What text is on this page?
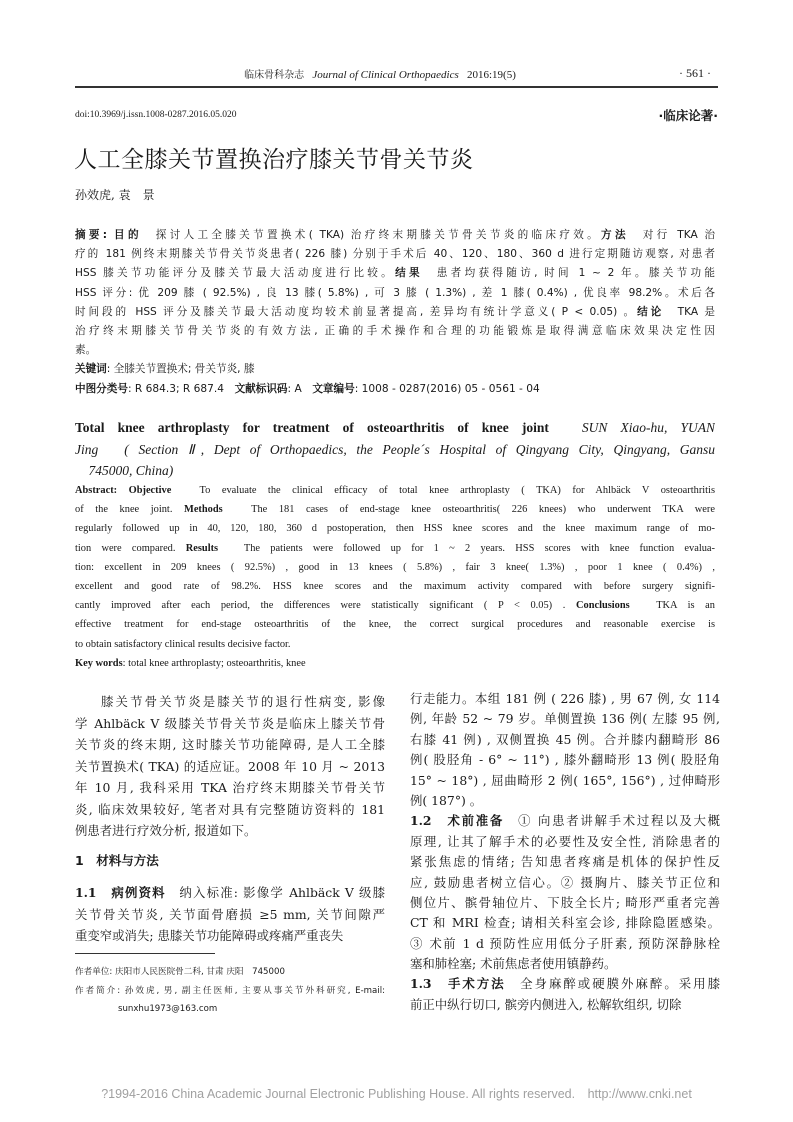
临床骨科杂志 Journal of Clinical Orthopaedics 2016:19(5)	· 561 ·
doi:10.3969/j.issn.1008-0287.2016.05.020	·临床论著·
人工全膝关节置换治疗膝关节骨关节炎
孙效虎, 袁　景
摘要: 目的　探讨人工全膝关节置换术( TKA) 治疗终末期膝关节骨关节炎的临床疗效。方法　对行 TKA 治
疗的 181 例终末期膝关节骨关节炎患者( 226 膝) 分别于手术后 40、120、180、360 d 进行定期随访观察, 对患者
HSS 膝关节功能评分及膝关节最大活动度进行比较。结果　患者均获得随访, 时间 1 ~ 2 年。膝关节功能
HSS 评分: 优 209 膝 ( 92.5%) , 良 13 膝( 5.8%) , 可 3 膝 ( 1.3%) , 差 1 膝( 0.4%) , 优良率 98.2%。术后各
时间段的 HSS 评分及膝关节最大活动度均较术前显著提高, 差异均有统计学意义( P < 0.05) 。结论　TKA 是
治疗终末期膝关节骨关节炎的有效方法, 正确的手术操作和合理的功能锻炼是取得满意临床效果决定性因
素。
关键词: 全膝关节置换术; 骨关节炎, 膝
中图分类号: R 684.3; R 687.4　文献标识码: A　文章编号: 1008 - 0287(2016) 05 - 0561 - 04
Total knee arthroplasty for treatment of osteoarthritis of knee joint　SUN Xiao-hu, YUAN
Jing　( Section Ⅱ, Dept of Orthopaedics, the People´s Hospital of Qingyang City, Qingyang, Gansu
　745000, China)
Abstract: Objective　To evaluate the clinical efficacy of total knee arthroplasty ( TKA) for Ahlbäck V osteoarthritis
of the knee joint. Methods　The 181 cases of end-stage knee osteoarthritis( 226 knees) who underwent TKA were
regularly followed up in 40, 120, 180, 360 d postoperation, then HSS knee scores and the knee maximum range of mo-
tion were compared. Results　The patients were followed up for 1 ~ 2 years. HSS scores with knee function evalua-
tion: excellent in 209 knees ( 92.5%) , good in 13 knees ( 5.8%) , fair 3 knee( 1.3%) , poor 1 knee ( 0.4%) ,
excellent and good rate of 98.2%. HSS knee scores and the maximum activity compared with before surgery signifi-
cantly improved after each period, the differences were statistically significant ( P < 0.05) . Conclusions　TKA is an
effective treatment for end-stage osteoarthritis of the knee, the correct surgical procedures and reasonable exercise is
to obtain satisfactory clinical results decisive factor.
Key words: total knee arthroplasty; osteoarthritis, knee
膝关节骨关节炎是膝关节的退行性病变, 影像
学 Ahlbäck V 级膝关节骨关节炎是临床上膝关节骨
关节炎的终末期, 这时膝关节功能障碍, 是人工全膝
关节置换术( TKA) 的适应证。2008 年 10 月 ~ 2013
年 10 月, 我科采用 TKA 治疗终末期膝关节骨关节
炎, 临床效果较好, 笔者对具有完整随访资料的 181
例患者进行疗效分析, 报道如下。
1　材料与方法
1.1　病例资料　纳入标准: 影像学 Ahlbäck V 级膝
关节骨关节炎, 关节面骨磨损 ≥5 mm, 关节间隙严
重变窄或消失; 患膝关节功能障碍或疼痛严重丧失
作者单位: 庆阳市人民医院骨二科, 甘肃 庆阳　745000
作者简介: 孙效虎, 男, 副主任医师, 主要从事关节外科研究, E-mail:
　　　　　sunxhu1973@163.com
行走能力。本组 181 例 ( 226 膝) , 男 67 例, 女 114
例, 年龄 52 ~ 79 岁。单侧置换 136 例( 左膝 95 例,
右膝 41 例) , 双侧置换 45 例。合并膝内翻畸形 86
例( 股胫角 - 6° ~ 11°) , 膝外翻畸形 13 例( 股胫角
15° ~ 18°) , 屈曲畸形 2 例( 165°, 156°) , 过伸畸形
例( 187°) 。
1.2　术前准备　① 向患者讲解手术过程以及大概
原理, 让其了解手术的必要性及安全性, 消除患者的
紧张焦虑的情绪; 告知患者疼痛是机体的保护性反
应, 鼓励患者树立信心。② 摄胸片、膝关节正位和
侧位片、髌骨轴位片、下肢全长片; 畸形严重者完善
CT 和 MRI 检查; 请相关科室会诊, 排除隐匿感染。
③ 术前 1 d 预防性应用低分子肝素, 预防深静脉栓
塞和肺栓塞; 术前焦虑者使用镇静药。
1.3　手术方法　全身麻醉或硬膜外麻醉。采用膝
前正中纵行切口, 髌旁内侧进入, 松解软组织, 切除
?1994-2016 China Academic Journal Electronic Publishing House. All rights reserved.　http://www.cnki.net
